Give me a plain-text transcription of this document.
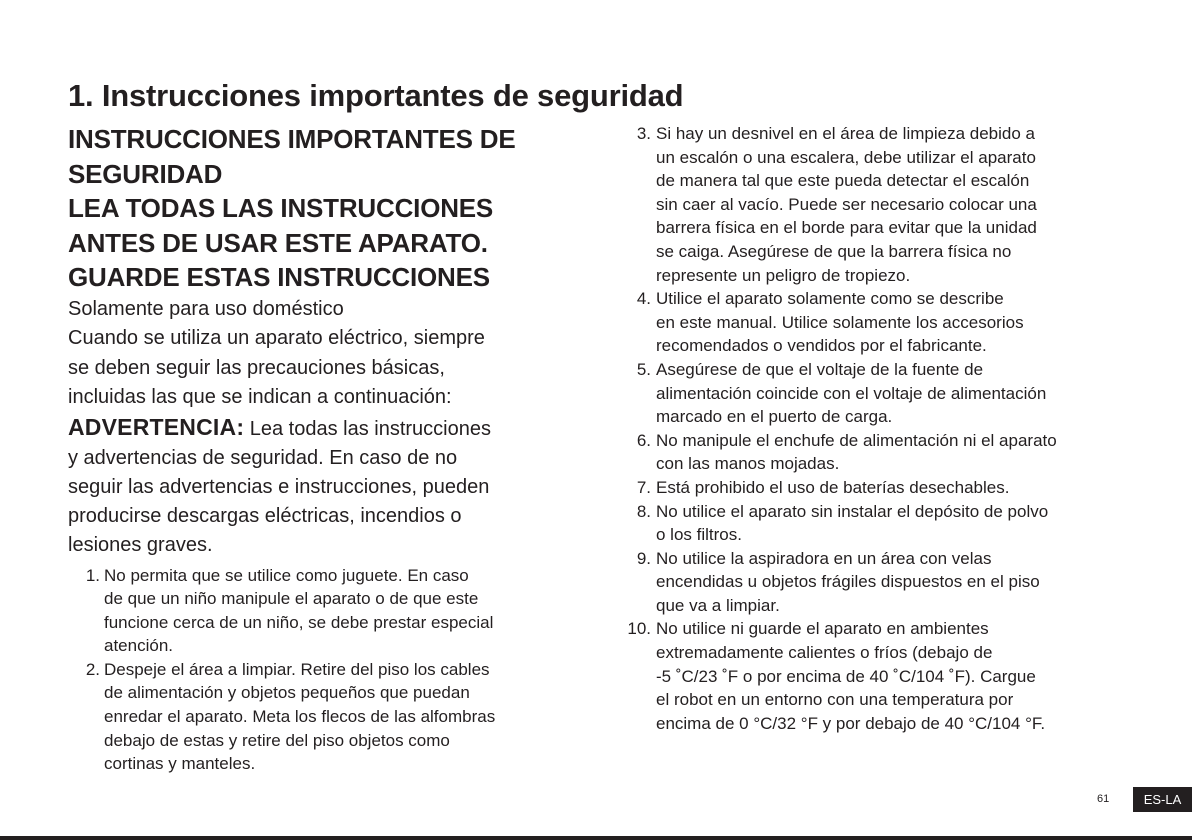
1. Instrucciones importantes de seguridad
INSTRUCCIONES IMPORTANTES DE
SEGURIDAD
LEA TODAS LAS INSTRUCCIONES
ANTES DE USAR ESTE APARATO.
GUARDE ESTAS INSTRUCCIONES
Solamente para uso doméstico
Cuando se utiliza un aparato eléctrico, siempre
se deben seguir las precauciones básicas,
incluidas las que se indican a continuación:
ADVERTENCIA: Lea todas las instrucciones
y advertencias de seguridad. En caso de no
seguir las advertencias e instrucciones, pueden
producirse descargas eléctricas, incendios o
lesiones graves.
1. No permita que se utilice como juguete. En caso
de que un niño manipule el aparato o de que este
funcione cerca de un niño, se debe prestar especial
atención.
2. Despeje el área a limpiar. Retire del piso los cables
de alimentación y objetos pequeños que puedan
enredar el aparato. Meta los flecos de las alfombras
debajo de estas y retire del piso objetos como
cortinas y manteles.
3. Si hay un desnivel en el área de limpieza debido a
un escalón o una escalera, debe utilizar el aparato
de manera tal que este pueda detectar el escalón
sin caer al vacío. Puede ser necesario colocar una
barrera física en el borde para evitar que la unidad
se caiga. Asegúrese de que la barrera física no
represente un peligro de tropiezo.
4. Utilice el aparato solamente como se describe
en este manual. Utilice solamente los accesorios
recomendados o vendidos por el fabricante.
5. Asegúrese de que el voltaje de la fuente de
alimentación coincide con el voltaje de alimentación
marcado en el puerto de carga.
6. No manipule el enchufe de alimentación ni el aparato
con las manos mojadas.
7. Está prohibido el uso de baterías desechables.
8. No utilice el aparato sin instalar el depósito de polvo
o los filtros.
9. No utilice la aspiradora en un área con velas
encendidas u objetos frágiles dispuestos en el piso
que va a limpiar.
10. No utilice ni guarde el aparato en ambientes
extremadamente calientes o fríos (debajo de
-5 ˚C/23 ˚F o por encima de 40 ˚C/104 ˚F). Cargue
el robot en un entorno con una temperatura por
encima de 0 °C/32 °F y por debajo de 40 °C/104 °F.
61	ES-LA
